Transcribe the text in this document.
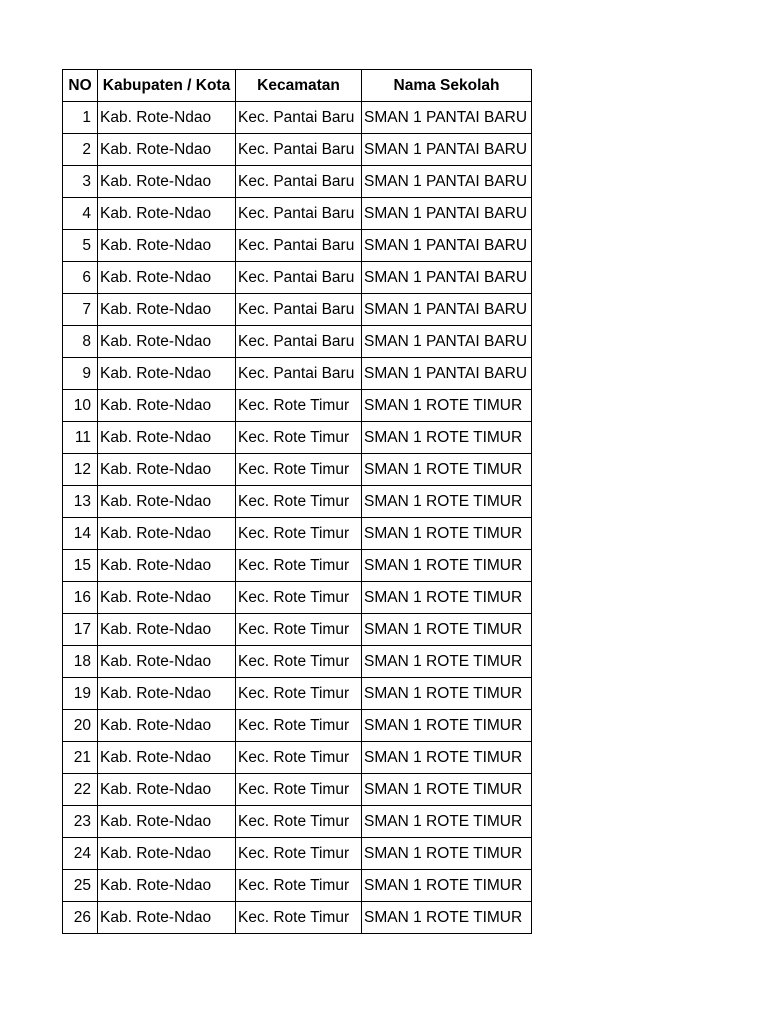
NO	Kabupaten / Kota	Kecamatan	Nama Sekolah
1	Kab. Rote-Ndao	Kec. Pantai Baru	SMAN 1 PANTAI BARU
2	Kab. Rote-Ndao	Kec. Pantai Baru	SMAN 1 PANTAI BARU
3	Kab. Rote-Ndao	Kec. Pantai Baru	SMAN 1 PANTAI BARU
4	Kab. Rote-Ndao	Kec. Pantai Baru	SMAN 1 PANTAI BARU
5	Kab. Rote-Ndao	Kec. Pantai Baru	SMAN 1 PANTAI BARU
6	Kab. Rote-Ndao	Kec. Pantai Baru	SMAN 1 PANTAI BARU
7	Kab. Rote-Ndao	Kec. Pantai Baru	SMAN 1 PANTAI BARU
8	Kab. Rote-Ndao	Kec. Pantai Baru	SMAN 1 PANTAI BARU
9	Kab. Rote-Ndao	Kec. Pantai Baru	SMAN 1 PANTAI BARU
10	Kab. Rote-Ndao	Kec. Rote Timur	SMAN 1 ROTE TIMUR
11	Kab. Rote-Ndao	Kec. Rote Timur	SMAN 1 ROTE TIMUR
12	Kab. Rote-Ndao	Kec. Rote Timur	SMAN 1 ROTE TIMUR
13	Kab. Rote-Ndao	Kec. Rote Timur	SMAN 1 ROTE TIMUR
14	Kab. Rote-Ndao	Kec. Rote Timur	SMAN 1 ROTE TIMUR
15	Kab. Rote-Ndao	Kec. Rote Timur	SMAN 1 ROTE TIMUR
16	Kab. Rote-Ndao	Kec. Rote Timur	SMAN 1 ROTE TIMUR
17	Kab. Rote-Ndao	Kec. Rote Timur	SMAN 1 ROTE TIMUR
18	Kab. Rote-Ndao	Kec. Rote Timur	SMAN 1 ROTE TIMUR
19	Kab. Rote-Ndao	Kec. Rote Timur	SMAN 1 ROTE TIMUR
20	Kab. Rote-Ndao	Kec. Rote Timur	SMAN 1 ROTE TIMUR
21	Kab. Rote-Ndao	Kec. Rote Timur	SMAN 1 ROTE TIMUR
22	Kab. Rote-Ndao	Kec. Rote Timur	SMAN 1 ROTE TIMUR
23	Kab. Rote-Ndao	Kec. Rote Timur	SMAN 1 ROTE TIMUR
24	Kab. Rote-Ndao	Kec. Rote Timur	SMAN 1 ROTE TIMUR
25	Kab. Rote-Ndao	Kec. Rote Timur	SMAN 1 ROTE TIMUR
26	Kab. Rote-Ndao	Kec. Rote Timur	SMAN 1 ROTE TIMUR
